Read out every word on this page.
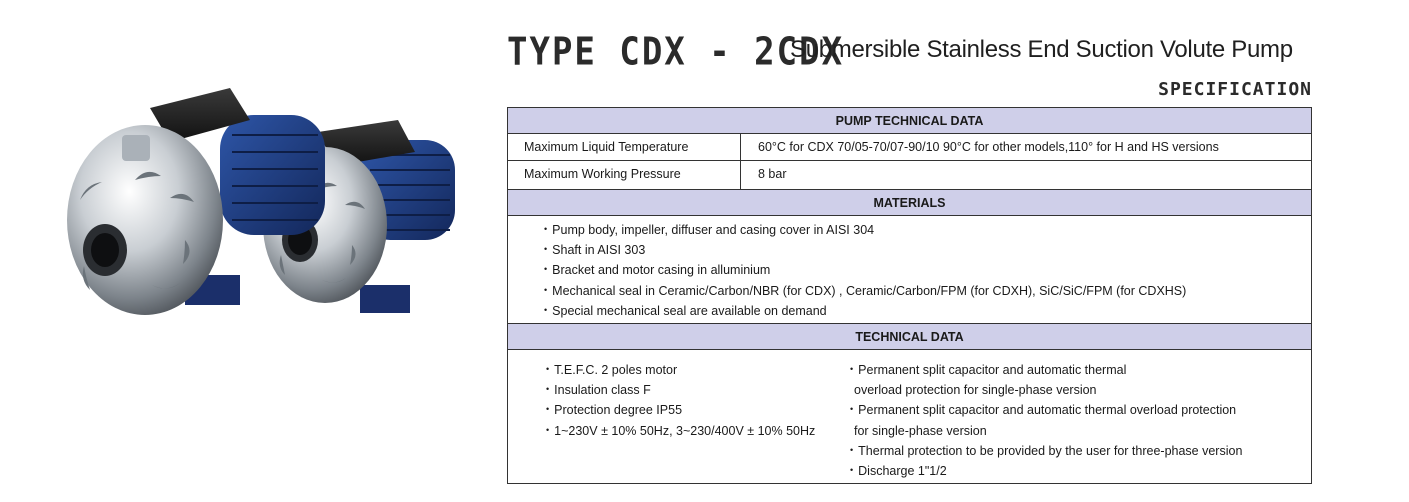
TYPE CDX - 2CDX
Submersible Stainless End Suction Volute Pump
SPECIFICATION
PUMP TECHNICAL DATA
Maximum Liquid Temperature	60°C for CDX 70/05-70/07-90/10 90°C for other models,110° for H and HS versions
Maximum Working Pressure	8 bar
MATERIALS
• Pump body, impeller, diffuser and casing cover in AISI 304
• Shaft in AISI 303
• Bracket and motor casing in alluminium
• Mechanical seal in Ceramic/Carbon/NBR (for CDX) , Ceramic/Carbon/FPM (for CDXH), SiC/SiC/FPM (for CDXHS)
• Special mechanical seal are available on demand
TECHNICAL DATA
• T.E.F.C. 2 poles motor
• Insulation class F
• Protection degree IP55
• 1~230V ± 10% 50Hz, 3~230/400V ± 10% 50Hz
• Permanent split capacitor and automatic thermal
overload protection for single-phase version
• Permanent split capacitor and automatic thermal overload protection
for single-phase version
• Thermal protection to be provided by the user for three-phase version
• Discharge 1"1/2
